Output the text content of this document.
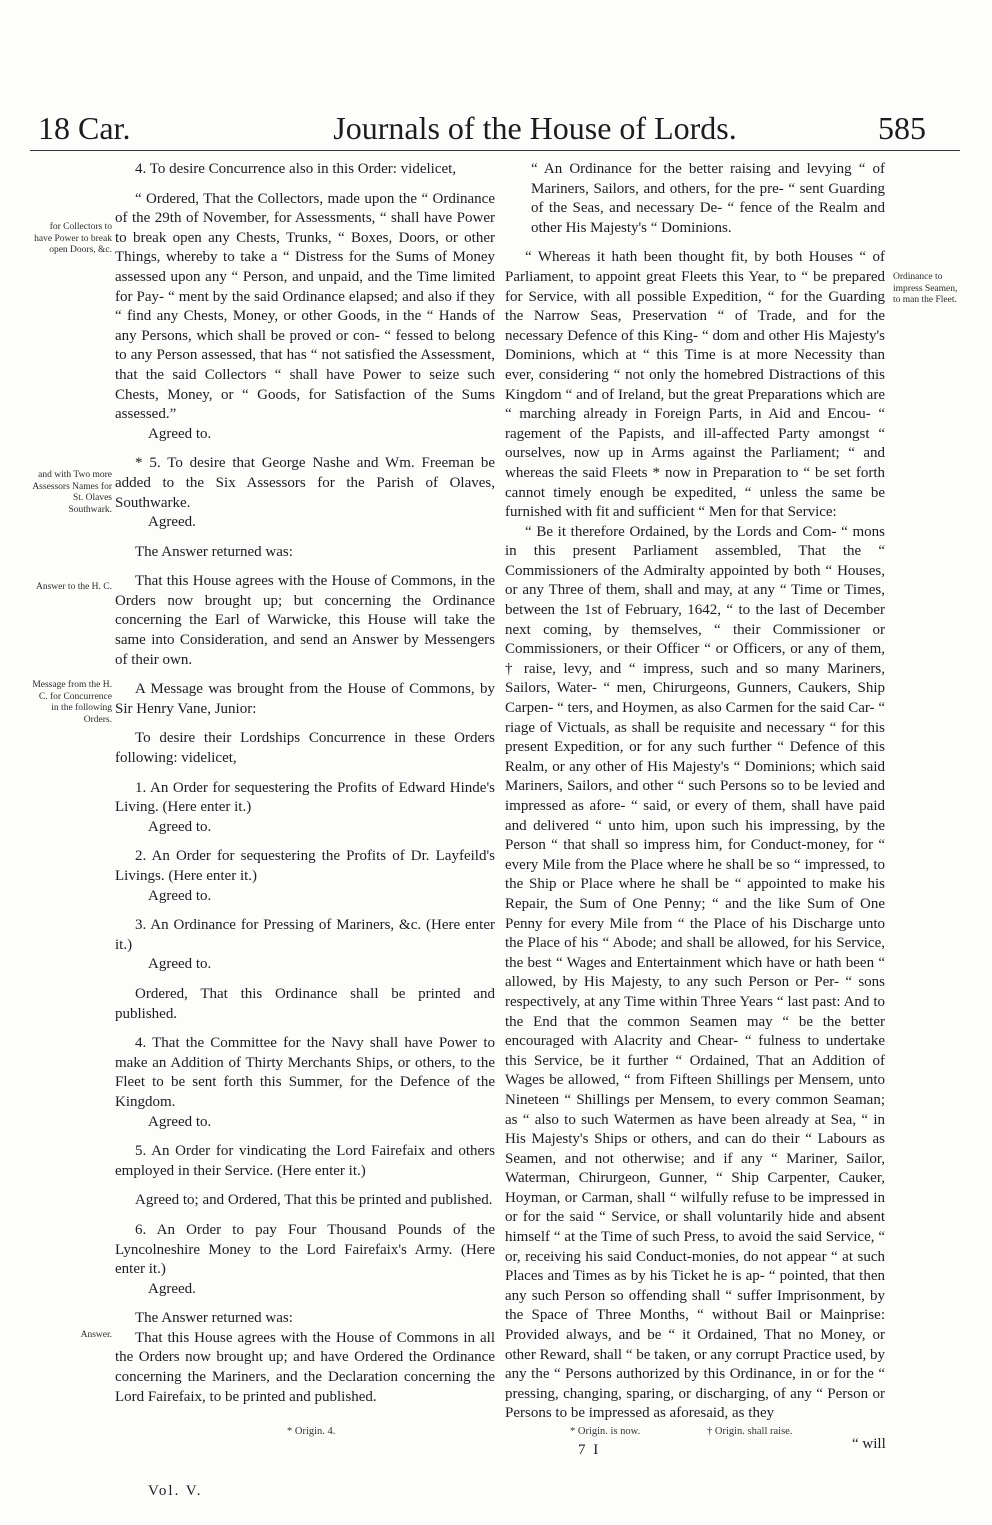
18 Car.	Journals of the House of Lords.	585
for Collectors to have Power to break open Doors, &c.
and with Two more Assessors Names for St. Olaves Southwark.
Answer to the H. C.
Message from the H. C. for Concurrence in the following Orders.
Answer.
Ordinance to impress Seamen, to man the Fleet.

4. To desire Concurrence also in this Order: videlicet,

“ Ordered, That the Collectors, made upon the “ Ordinance of the 29th of November, for Assessments, “ shall have Power to break open any Chests, Trunks, “ Boxes, Doors, or other Things, whereby to take a “ Distress for the Sums of Money assessed upon any “ Person, and unpaid, and the Time limited for Pay- “ ment by the said Ordinance elapsed; and also if they “ find any Chests, Money, or other Goods, in the “ Hands of any Persons, which shall be proved or con- “ fessed to belong to any Person assessed, that has “ not satisfied the Assessment, that the said Collectors “ shall have Power to seize such Chests, Money, or “ Goods, for Satisfaction of the Sums assessed.”

Agreed to.

* 5. To desire that George Nashe and Wm. Freeman be added to the Six Assessors for the Parish of Olaves, Southwarke.

Agreed.

The Answer returned was:

That this House agrees with the House of Commons, in the Orders now brought up; but concerning the Ordinance concerning the Earl of Warwicke, this House will take the same into Consideration, and send an Answer by Messengers of their own.

A Message was brought from the House of Commons, by Sir Henry Vane, Junior:

To desire their Lordships Concurrence in these Orders following: videlicet,

1. An Order for sequestering the Profits of Edward Hinde's Living. (Here enter it.)

Agreed to.

2. An Order for sequestering the Profits of Dr. Layfeild's Livings. (Here enter it.)

Agreed to.

3. An Ordinance for Pressing of Mariners, &c. (Here enter it.)

Agreed to.

Ordered, That this Ordinance shall be printed and published.

4. That the Committee for the Navy shall have Power to make an Addition of Thirty Merchants Ships, or others, to the Fleet to be sent forth this Summer, for the Defence of the Kingdom.

Agreed to.

5. An Order for vindicating the Lord Fairefaix and others employed in their Service. (Here enter it.)

Agreed to; and Ordered, That this be printed and published.

6. An Order to pay Four Thousand Pounds of the Lyncolneshire Money to the Lord Fairefaix's Army. (Here enter it.)

Agreed.

The Answer returned was:

That this House agrees with the House of Commons in all the Orders now brought up; and have Ordered the Ordinance concerning the Mariners, and the Declaration concerning the Lord Fairefaix, to be printed and published.

“ An Ordinance for the better raising and levying “ of Mariners, Sailors, and others, for the pre- “ sent Guarding of the Seas, and necessary De- “ fence of the Realm and other His Majesty's “ Dominions.

“ Whereas it hath been thought fit, by both Houses “ of Parliament, to appoint great Fleets this Year, to “ be prepared for Service, with all possible Expedition, “ for the Guarding the Narrow Seas, Preservation “ of Trade, and for the necessary Defence of this King- “ dom and other His Majesty's Dominions, which at “ this Time is at more Necessity than ever, considering “ not only the homebred Distractions of this Kingdom “ and of Ireland, but the great Preparations which are “ marching already in Foreign Parts, in Aid and Encou- “ ragement of the Papists, and ill-affected Party amongst “ ourselves, now up in Arms against the Parliament; “ and whereas the said Fleets * now in Preparation to “ be set forth cannot timely enough be expedited, “ unless the same be furnished with fit and sufficient “ Men for that Service:

“ Be it therefore Ordained, by the Lords and Com- “ mons in this present Parliament assembled, That the “ Commissioners of the Admiralty appointed by both “ Houses, or any Three of them, shall and may, at any “ Time or Times, between the 1st of February, 1642, “ to the last of December next coming, by themselves, “ their Commissioner or Commissioners, or their Officer “ or Officers, or any of them, † raise, levy, and “ impress, such and so many Mariners, Sailors, Water- “ men, Chirurgeons, Gunners, Caukers, Ship Carpen- “ ters, and Hoymen, as also Carmen for the said Car- “ riage of Victuals, as shall be requisite and necessary “ for this present Expedition, or for any such further “ Defence of this Realm, or any other of His Majesty's “ Dominions; which said Mariners, Sailors, and other “ such Persons so to be levied and impressed as afore- “ said, or every of them, shall have paid and delivered “ unto him, upon such his impressing, by the Person “ that shall so impress him, for Conduct-money, for “ every Mile from the Place where he shall be so “ impressed, to the Ship or Place where he shall be “ appointed to make his Repair, the Sum of One Penny; “ and the like Sum of One Penny for every Mile from “ the Place of his Discharge unto the Place of his “ Abode; and shall be allowed, for his Service, the best “ Wages and Entertainment which have or hath been “ allowed, by His Majesty, to any such Person or Per- “ sons respectively, at any Time within Three Years “ last past: And to the End that the common Seamen may “ be the better encouraged with Alacrity and Chear- “ fulness to undertake this Service, be it further “ Ordained, That an Addition of Wages be allowed, “ from Fifteen Shillings per Mensem, unto Nineteen “ Shillings per Mensem, to every common Seaman; as “ also to such Watermen as have been already at Sea, “ in His Majesty's Ships or others, and can do their “ Labours as Seamen, and not otherwise; and if any “ Mariner, Sailor, Waterman, Chirurgeon, Gunner, “ Ship Carpenter, Cauker, Hoyman, or Carman, shall “ wilfully refuse to be impressed in or for the said “ Service, or shall voluntarily hide and absent himself “ at the Time of such Press, to avoid the said Service, “ or, receiving his said Conduct-monies, do not appear “ at such Places and Times as by his Ticket he is ap- “ pointed, that then any such Person so offending shall “ suffer Imprisonment, by the Space of Three Months, “ without Bail or Mainprise: Provided always, and be “ it Ordained, That no Money, or other Reward, shall “ be taken, or any corrupt Practice used, by any the “ Persons authorized by this Ordinance, in or for the “ pressing, changing, sparing, or discharging, of any “ Person or Persons to be impressed as aforesaid, as they

Vol. V.
* Origin. 4.	* Origin. is now.
7 I
† Origin. shall raise.
“ will
